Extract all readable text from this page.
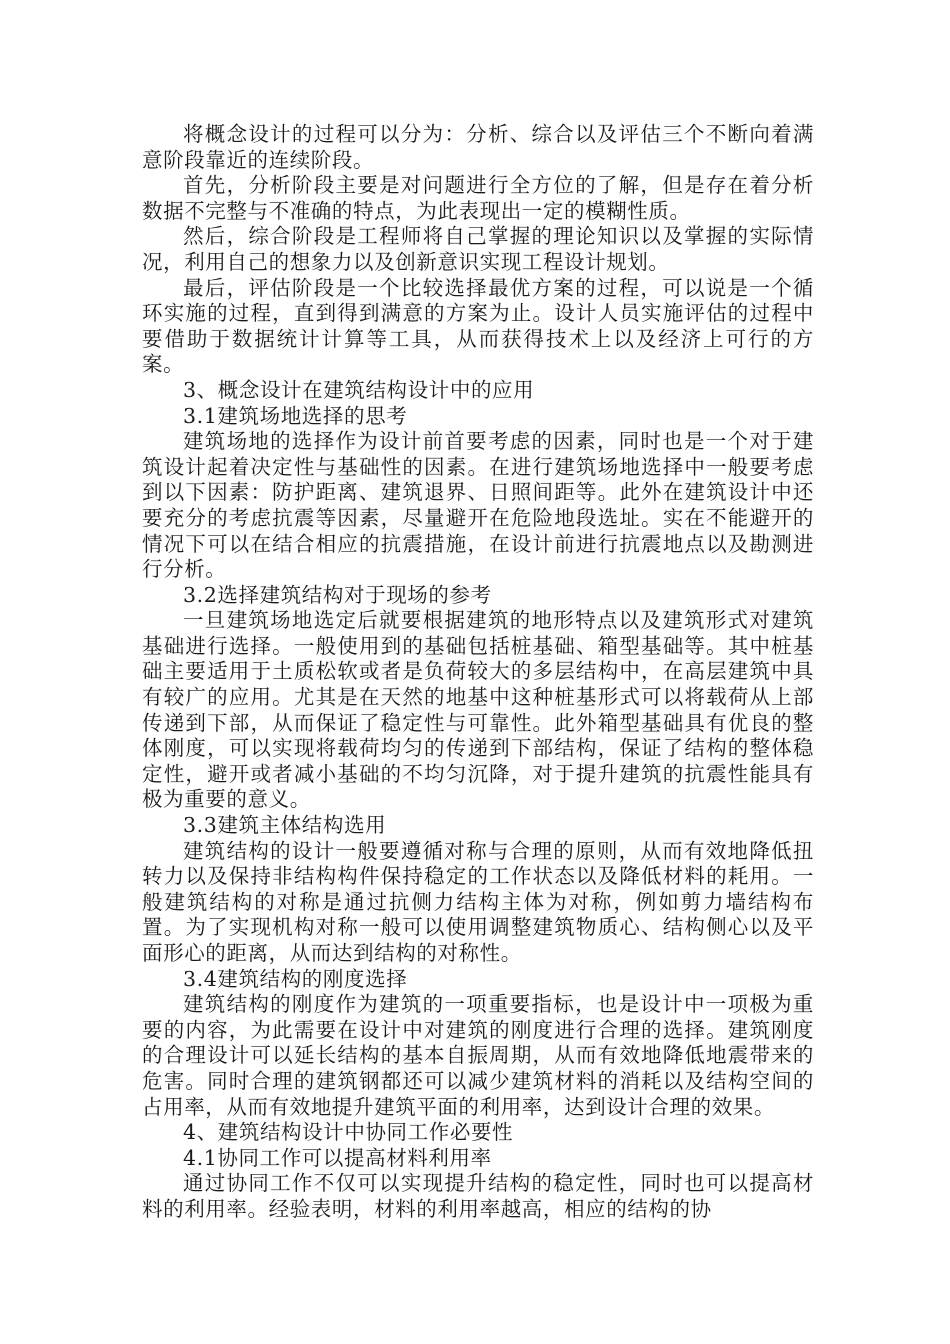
将概念设计的过程可以分为：分析、综合以及评估三个不断向着满意阶段靠近的连续阶段。

首先，分析阶段主要是对问题进行全方位的了解，但是存在着分析数据不完整与不准确的特点，为此表现出一定的模糊性质。

然后，综合阶段是工程师将自己掌握的理论知识以及掌握的实际情况，利用自己的想象力以及创新意识实现工程设计规划。

最后，评估阶段是一个比较选择最优方案的过程，可以说是一个循环实施的过程，直到得到满意的方案为止。设计人员实施评估的过程中要借助于数据统计计算等工具，从而获得技术上以及经济上可行的方案。

3、概念设计在建筑结构设计中的应用

3.1建筑场地选择的思考

建筑场地的选择作为设计前首要考虑的因素，同时也是一个对于建筑设计起着决定性与基础性的因素。在进行建筑场地选择中一般要考虑到以下因素：防护距离、建筑退界、日照间距等。此外在建筑设计中还要充分的考虑抗震等因素，尽量避开在危险地段选址。实在不能避开的情况下可以在结合相应的抗震措施，在设计前进行抗震地点以及勘测进行分析。

3.2选择建筑结构对于现场的参考

一旦建筑场地选定后就要根据建筑的地形特点以及建筑形式对建筑基础进行选择。一般使用到的基础包括桩基础、箱型基础等。其中桩基础主要适用于土质松软或者是负荷较大的多层结构中，在高层建筑中具有较广的应用。尤其是在天然的地基中这种桩基形式可以将载荷从上部传递到下部，从而保证了稳定性与可靠性。此外箱型基础具有优良的整体刚度，可以实现将载荷均匀的传递到下部结构，保证了结构的整体稳定性，避开或者减小基础的不均匀沉降，对于提升建筑的抗震性能具有极为重要的意义。

3.3建筑主体结构选用

建筑结构的设计一般要遵循对称与合理的原则，从而有效地降低扭转力以及保持非结构构件保持稳定的工作状态以及降低材料的耗用。一般建筑结构的对称是通过抗侧力结构主体为对称，例如剪力墙结构布置。为了实现机构对称一般可以使用调整建筑物质心、结构侧心以及平面形心的距离，从而达到结构的对称性。

3.4建筑结构的刚度选择

建筑结构的刚度作为建筑的一项重要指标，也是设计中一项极为重要的内容，为此需要在设计中对建筑的刚度进行合理的选择。建筑刚度的合理设计可以延长结构的基本自振周期，从而有效地降低地震带来的危害。同时合理的建筑钢都还可以减少建筑材料的消耗以及结构空间的占用率，从而有效地提升建筑平面的利用率，达到设计合理的效果。

4、建筑结构设计中协同工作必要性

4.1协同工作可以提高材料利用率

通过协同工作不仅可以实现提升结构的稳定性，同时也可以提高材料的利用率。经验表明，材料的利用率越高，相应的结构的协
